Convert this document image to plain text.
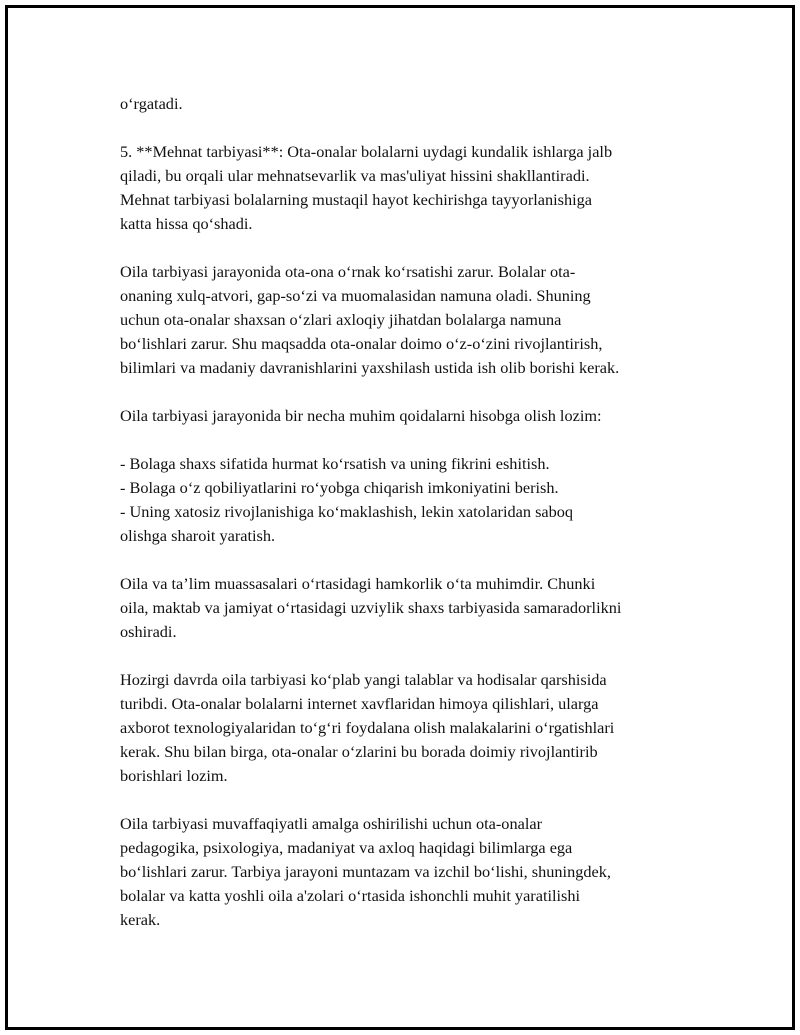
o‘rgatadi.

5. **Mehnat tarbiyasi**: Ota-onalar bolalarni uydagi kundalik ishlarga jalb
qiladi, bu orqali ular mehnatsevarlik va mas'uliyat hissini shakllantiradi.
Mehnat tarbiyasi bolalarning mustaqil hayot kechirishga tayyorlanishiga
katta hissa qo‘shadi.

Oila tarbiyasi jarayonida ota-ona o‘rnak ko‘rsatishi zarur. Bolalar ota-
onaning xulq-atvori, gap-so‘zi va muomalasidan namuna oladi. Shuning
uchun ota-onalar shaxsan o‘zlari axloqiy jihatdan bolalarga namuna
bo‘lishlari zarur. Shu maqsadda ota-onalar doimo o‘z-o‘zini rivojlantirish,
bilimlari va madaniy davranishlarini yaxshilash ustida ish olib borishi kerak.

Oila tarbiyasi jarayonida bir necha muhim qoidalarni hisobga olish lozim:

- Bolaga shaxs sifatida hurmat ko‘rsatish va uning fikrini eshitish.

- Bolaga o‘z qobiliyatlarini ro‘yobga chiqarish imkoniyatini berish.

- Uning xatosiz rivojlanishiga ko‘maklashish, lekin xatolaridan saboq
olishga sharoit yaratish.

Oila va ta’lim muassasalari o‘rtasidagi hamkorlik o‘ta muhimdir. Chunki
oila, maktab va jamiyat o‘rtasidagi uzviylik shaxs tarbiyasida samaradorlikni
oshiradi.

Hozirgi davrda oila tarbiyasi ko‘plab yangi talablar va hodisalar qarshisida
turibdi. Ota-onalar bolalarni internet xavflaridan himoya qilishlari, ularga
axborot texnologiyalaridan to‘g‘ri foydalana olish malakalarini o‘rgatishlari
kerak. Shu bilan birga, ota-onalar o‘zlarini bu borada doimiy rivojlantirib
borishlari lozim.

Oila tarbiyasi muvaffaqiyatli amalga oshirilishi uchun ota-onalar
pedagogika, psixologiya, madaniyat va axloq haqidagi bilimlarga ega
bo‘lishlari zarur. Tarbiya jarayoni muntazam va izchil bo‘lishi, shuningdek,
bolalar va katta yoshli oila a'zolari o‘rtasida ishonchli muhit yaratilishi
kerak.
